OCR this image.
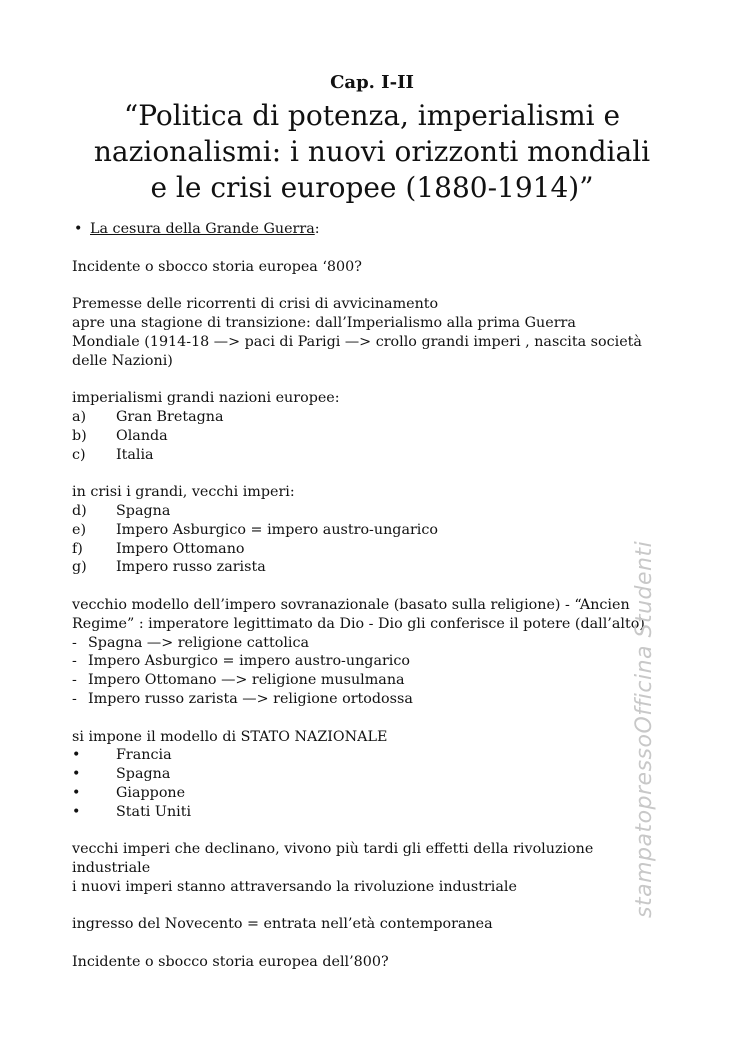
Cap. I-II
“Politica di potenza, imperialismi e
nazionalismi: i nuovi orizzonti mondiali
e le crisi europee (1880-1914)”
• La cesura della Grande Guerra:
Incidente o sbocco storia europea ‘800?
Premesse delle ricorrenti di crisi di avvicinamento
apre una stagione di transizione: dall’Imperialismo alla prima Guerra
Mondiale (1914-18 —> paci di Parigi —> crollo grandi imperi , nascita società
delle Nazioni)
imperialismi grandi nazioni europee:
a)	Gran Bretagna
b)	Olanda
c)	Italia
in crisi i grandi, vecchi imperi:
d)	Spagna
e)	Impero Asburgico = impero austro-ungarico
f)	Impero Ottomano
g)	Impero russo zarista
vecchio modello dell’impero sovranazionale (basato sulla religione) - “Ancien
Regime” : imperatore legittimato da Dio - Dio gli conferisce il potere (dall’alto)
- Spagna —> religione cattolica
- Impero Asburgico = impero austro-ungarico
- Impero Ottomano —> religione musulmana
- Impero russo zarista —> religione ortodossa
si impone il modello di STATO NAZIONALE
•	Francia
•	Spagna
•	Giappone
•	Stati Uniti
vecchi imperi che declinano, vivono più tardi gli effetti della rivoluzione
industriale
i nuovi imperi stanno attraversando la rivoluzione industriale
ingresso del Novecento = entrata nell’età contemporanea
Incidente o sbocco storia europea dell’800?
stampatopressoOfficina Studenti
